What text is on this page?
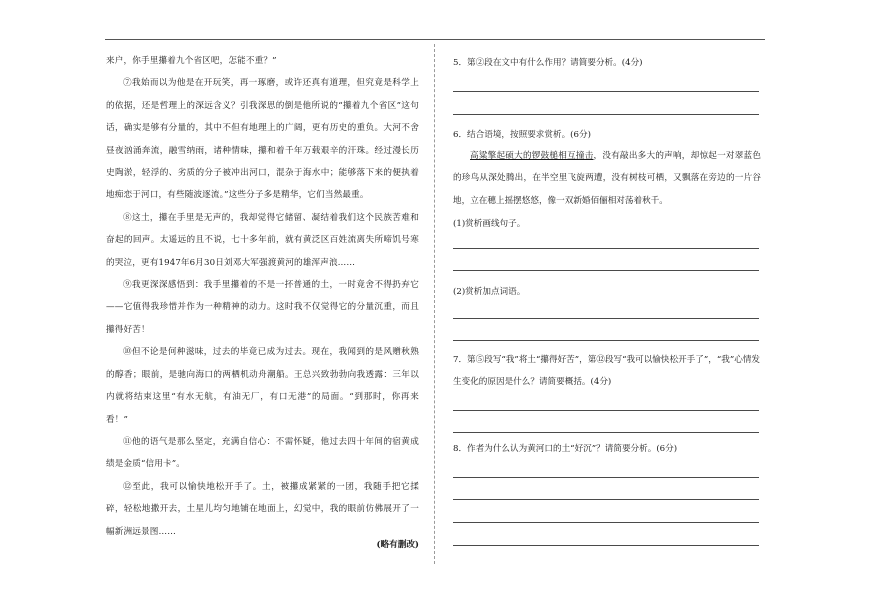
来户，你手里攥着九个省区吧，怎能不重？”

⑦我始而以为他是在开玩笑，再一琢磨，或许还真有道理，但究竟是科学上的依据，还是哲理上的深远含义？引我深思的倒是他所说的“攥着九个省区”这句话，确实是够有分量的，其中不但有地理上的广阔，更有历史的重负。大河不舍昼夜汹涌奔流，融雪纳雨，诸种情味，攥和着千年万载艰辛的汗珠。经过漫长历史陶淤，轻浮的、劣质的分子被冲出河口，混杂于海水中；能够落下来的便执着地痴恋于河口，有些随波逐流。”这些分子多是精华，它们当然最重。

⑧这土，攥在手里是无声的，我却觉得它储留、凝结着我们这个民族苦难和奋起的回声。太遥远的且不说，七十多年前，就有黄泛区百姓流离失所啼饥号寒的哭泣，更有1947年6月30日刘邓大军强渡黄河的雄浑声浪……

⑨我更深深感悟到：我手里攥着的不是一抔普通的土，一时竟舍不得扔弃它——它值得我珍惜并作为一种精神的动力。这时我不仅觉得它的分量沉重，而且攥得好苦！

⑩但不论是何种滋味，过去的毕竟已成为过去。现在，我闻到的是风赠秋熟的醇香；眼前，是驰向海口的两栖机动舟潮船。王总兴致勃勃向我透露：三年以内就将结束这里“有水无航，有油无厂，有口无港”的局面。“到那时，你再来看！”

⑪他的语气是那么坚定，充满自信心：不需怀疑，他过去四十年间的宿黄成绩是金质“信用卡”。

⑫至此，我可以愉快地松开手了。土，被攥成紧紧的一团，我随手把它揉碎，轻松地撒开去，土星儿均匀地铺在地面上，幻觉中，我的眼前仿佛展开了一幅新洲远景图……

(略有删改)

5．第②段在文中有什么作用？请简要分析。(4分)

6．结合语境，按照要求赏析。(6分)

高粱擎起硕大的锣鼓槌相互撞击，没有敲出多大的声响，却惊起一对翠蓝色的珍鸟从深处腾出，在半空里飞旋两遭，没有树枝可栖，又飘落在旁边的一片谷地，立在穗上摇摆悠悠，像一双新婚佰俪相对荡着秋千。

(1)赏析画线句子。

(2)赏析加点词语。

7．第⑤段写“我”将土“攥得好苦”，第⑫段写“我可以愉快松开手了”，“我”心情发生变化的原因是什么？请简要概括。(4分)

8．作者为什么认为黄河口的土“好沉”？请简要分析。(6分)
